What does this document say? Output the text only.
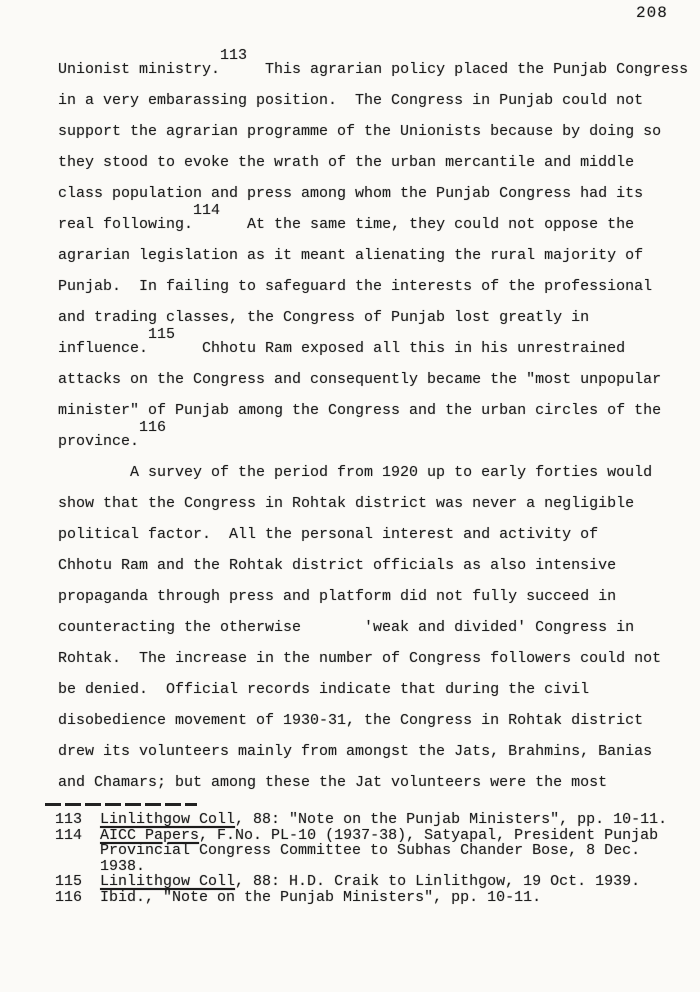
208
Unionist ministry.113  This agrarian policy placed the Punjab Congress
in a very embarassing position.  The Congress in Punjab could not
support the agrarian programme of the Unionists because by doing so
they stood to evoke the wrath of the urban mercantile and middle
class population and press among whom the Punjab Congress had its
real following.114   At the same time, they could not oppose the
agrarian legislation as it meant alienating the rural majority of
Punjab.  In failing to safeguard the interests of the professional
and trading classes, the Congress of Punjab lost greatly in
influence.115   Chhotu Ram exposed all this in his unrestrained
attacks on the Congress and consequently became the "most unpopular
minister" of Punjab among the Congress and the urban circles of the
province.116
A survey of the period from 1920 up to early forties would
show that the Congress in Rohtak district was never a negligible
political factor.  All the personal interest and activity of
Chhotu Ram and the Rohtak district officials as also intensive
propaganda through press and platform did not fully succeed in
counteracting the otherwise       'weak and divided' Congress in
Rohtak.  The increase in the number of Congress followers could not
be denied.  Official records indicate that during the civil
disobedience movement of 1930-31, the Congress in Rohtak district
drew its volunteers mainly from amongst the Jats, Brahmins, Banias
and Chamars; but among these the Jat volunteers were the most
113  Linlithgow Coll, 88: "Note on the Punjab Ministers", pp. 10-11.
114  AICC Papers, F.No. PL-10 (1937-38), Satyapal, President Punjab
Provincial Congress Committee to Subhas Chander Bose, 8 Dec.
1938.
115  Linlithgow Coll, 88: H.D. Craik to Linlithgow, 19 Oct. 1939.
116  Ibid., "Note on the Punjab Ministers", pp. 10-11.
